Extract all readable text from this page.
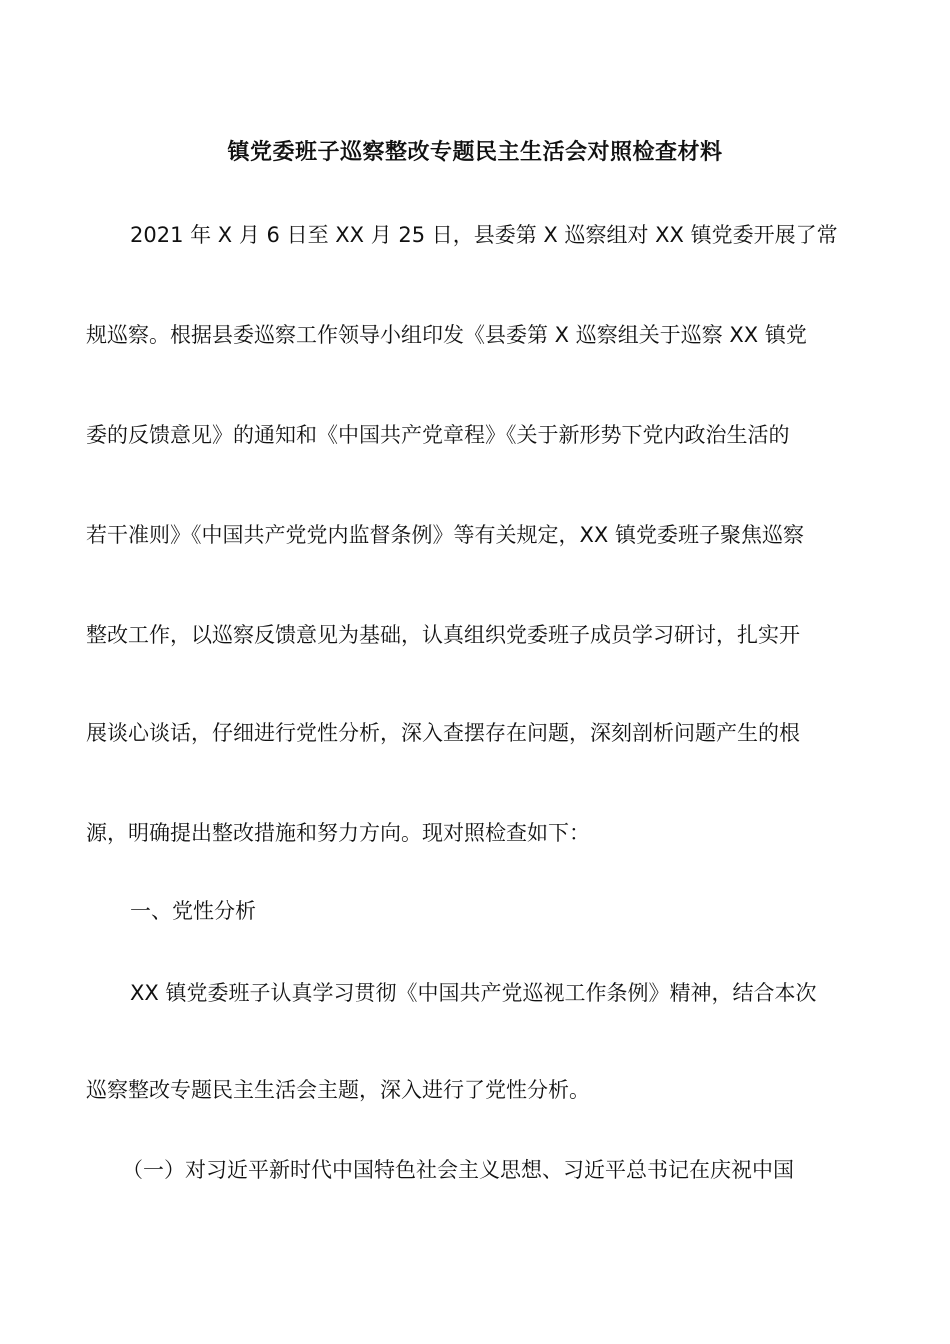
镇党委班子巡察整改专题民主生活会对照检查材料
2021 年 X 月 6 日至 XX 月 25 日，县委第 X 巡察组对 XX 镇党委开展了常
规巡察。根据县委巡察工作领导小组印发《县委第 X 巡察组关于巡察 XX 镇党
委的反馈意见》的通知和《中国共产党章程》《关于新形势下党内政治生活的
若干准则》《中国共产党党内监督条例》等有关规定，XX 镇党委班子聚焦巡察
整改工作，以巡察反馈意见为基础，认真组织党委班子成员学习研讨，扎实开
展谈心谈话，仔细进行党性分析，深入查摆存在问题，深刻剖析问题产生的根
源，明确提出整改措施和努力方向。现对照检查如下：
一、党性分析
XX 镇党委班子认真学习贯彻《中国共产党巡视工作条例》精神，结合本次
巡察整改专题民主生活会主题，深入进行了党性分析。
（一）对习近平新时代中国特色社会主义思想、习近平总书记在庆祝中国
